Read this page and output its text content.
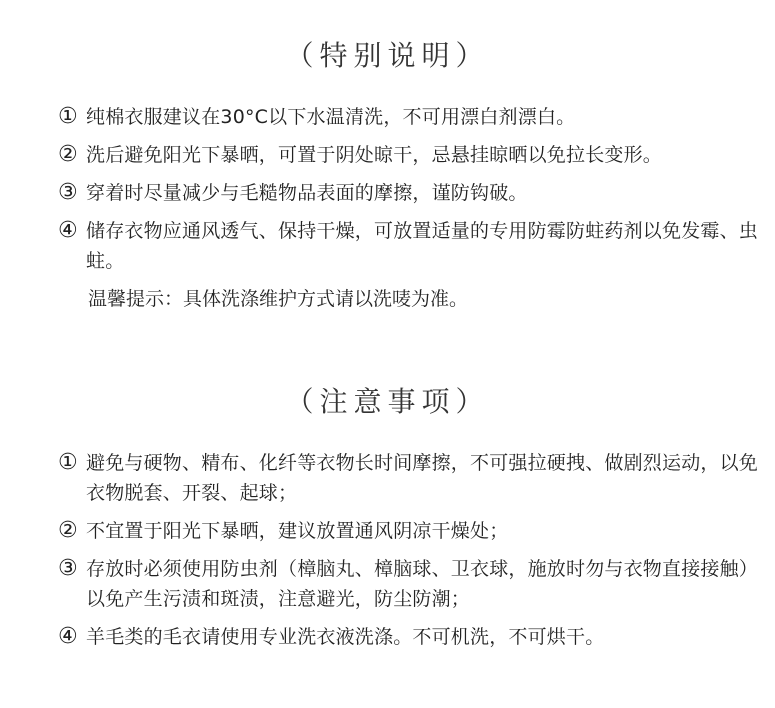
（特别说明）
① 纯棉衣服建议在30°C以下水温清洗，不可用漂白剂漂白。
② 洗后避免阳光下暴晒，可置于阴处晾干，忌悬挂晾晒以免拉长变形。
③ 穿着时尽量减少与毛糙物品表面的摩擦，谨防钩破。
④ 储存衣物应通风透气、保持干燥，可放置适量的专用防霉防蛀药剂以免发霉、虫蛀。
温馨提示：具体洗涤维护方式请以洗唛为准。
（注意事项）
① 避免与硬物、精布、化纤等衣物长时间摩擦，不可强拉硬拽、做剧烈运动，以免衣物脱套、开裂、起球；
② 不宜置于阳光下暴晒，建议放置通风阴凉干燥处；
③ 存放时必须使用防虫剂（樟脑丸、樟脑球、卫衣球，施放时勿与衣物直接接触）以免产生污渍和斑渍，注意避光，防尘防潮；
④ 羊毛类的毛衣请使用专业洗衣液洗涤。不可机洗，不可烘干。
